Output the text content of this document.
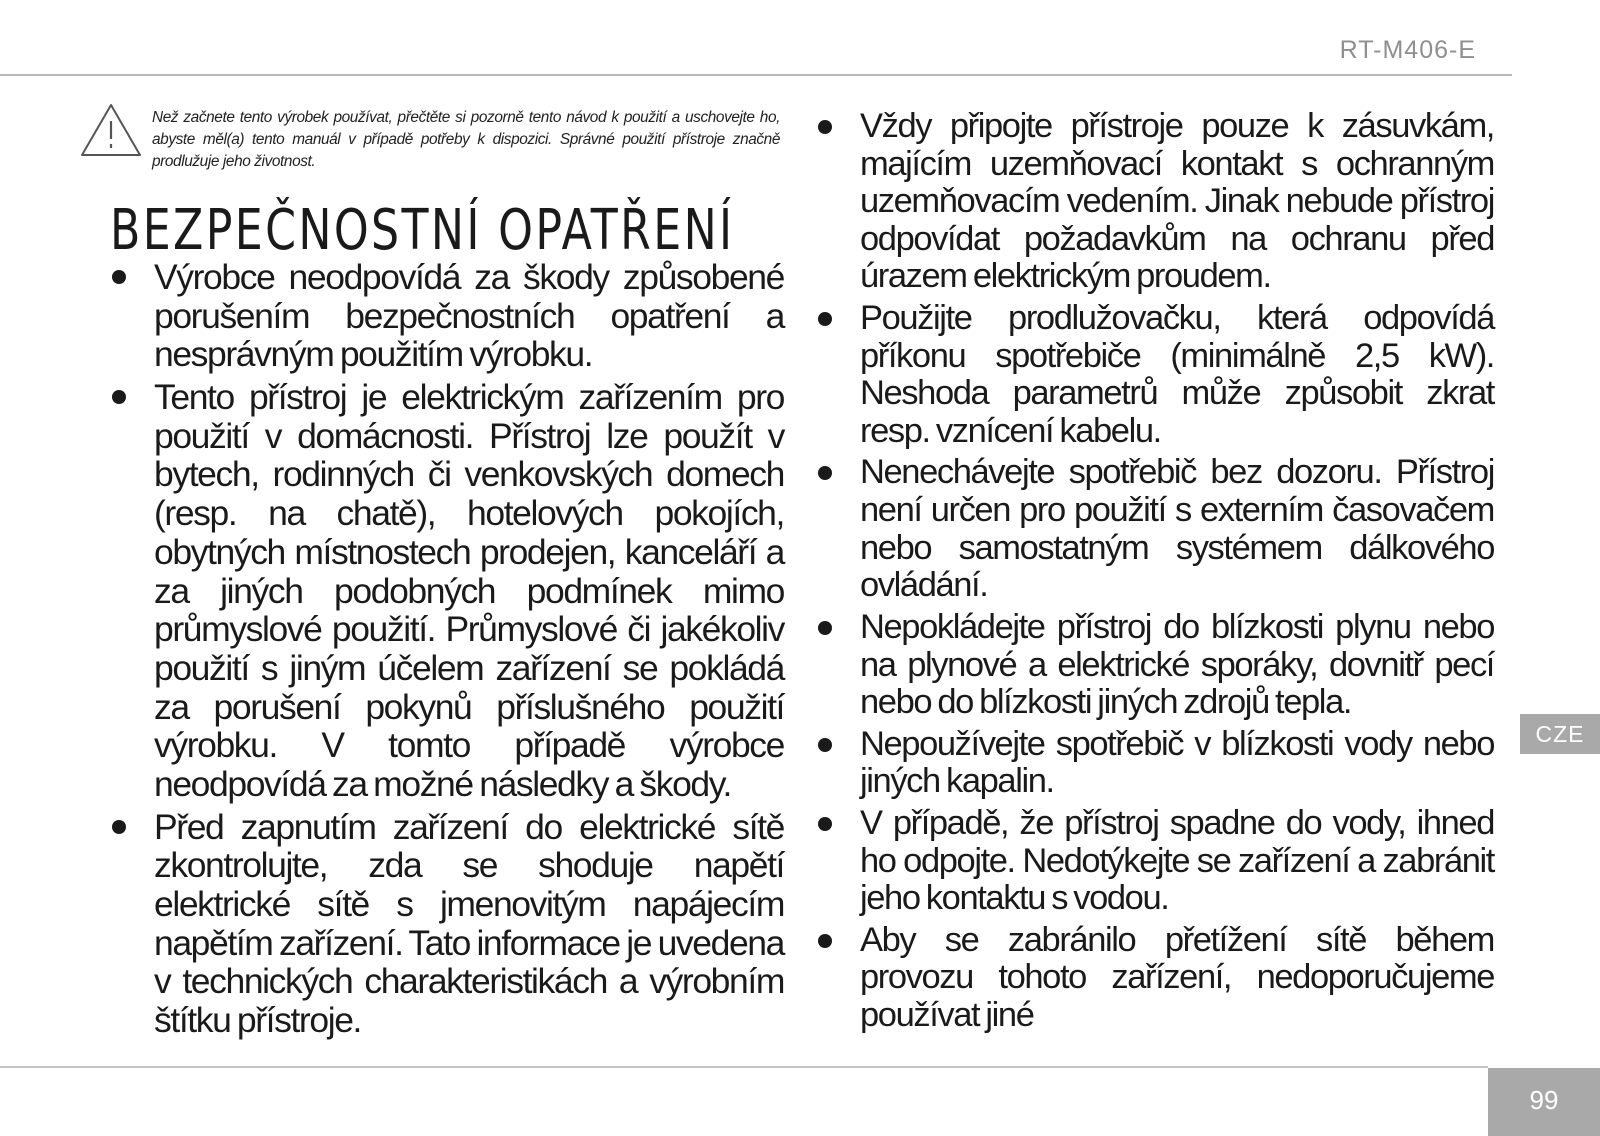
RT-M406-E
Než začnete tento výrobek používat, přečtěte si pozorně tento návod k použití a uschovejte ho, abyste měl(a) tento manuál v případě potřeby k dispozici. Správné použití přístroje značně prodlužuje jeho životnost.
BEZPEČNOSTNÍ OPATŘENÍ
Výrobce neodpovídá za škody způsobené porušením bezpečnostních opatření a nesprávným použitím výrobku.
Tento přístroj je elektrickým zařízením pro použití v domácnosti. Přístroj lze použít v bytech, rodinných či venkovských domech (resp. na chatě), hotelových pokojích, obytných místnostech prodejen, kanceláří a za jiných podobných podmínek mimo průmyslové použití. Průmyslové či jakékoliv použití s jiným účelem zařízení se pokládá za porušení pokynů příslušného použití výrobku. V tomto případě výrobce neodpovídá za možné následky a škody.
Před zapnutím zařízení do elektrické sítě zkontrolujte, zda se shoduje napětí elektrické sítě s jmenovitým napájecím napětím zařízení. Tato informace je uvedena v technických charakteristikách a výrobním štítku přístroje.
Vždy připojte přístroje pouze k zásuvkám, majícím uzemňovací kontakt s ochranným uzemňovacím vedením. Jinak nebude přístroj odpovídat požadavkům na ochranu před úrazem elektrickým proudem.
Použijte prodlužovačku, která odpovídá příkonu spotřebiče (minimálně 2,5 kW). Neshoda parametrů může způsobit zkrat resp. vznícení kabelu.
Nenechávejte spotřebič bez dozoru. Přístroj není určen pro použití s externím časovačem nebo samostatným systémem dálkového ovládání.
Nepokládejte přístroj do blízkosti plynu nebo na plynové a elektrické sporáky, dovnitř pecí nebo do blízkosti jiných zdrojů tepla.
Nepoužívejte spotřebič v blízkosti vody nebo jiných kapalin.
V případě, že přístroj spadne do vody, ihned ho odpojte. Nedotýkejte se zařízení a zabránit jeho kontaktu s vodou.
Aby se zabránilo přetížení sítě během provozu tohoto zařízení, nedoporučujeme používat jiné
CZE
99
